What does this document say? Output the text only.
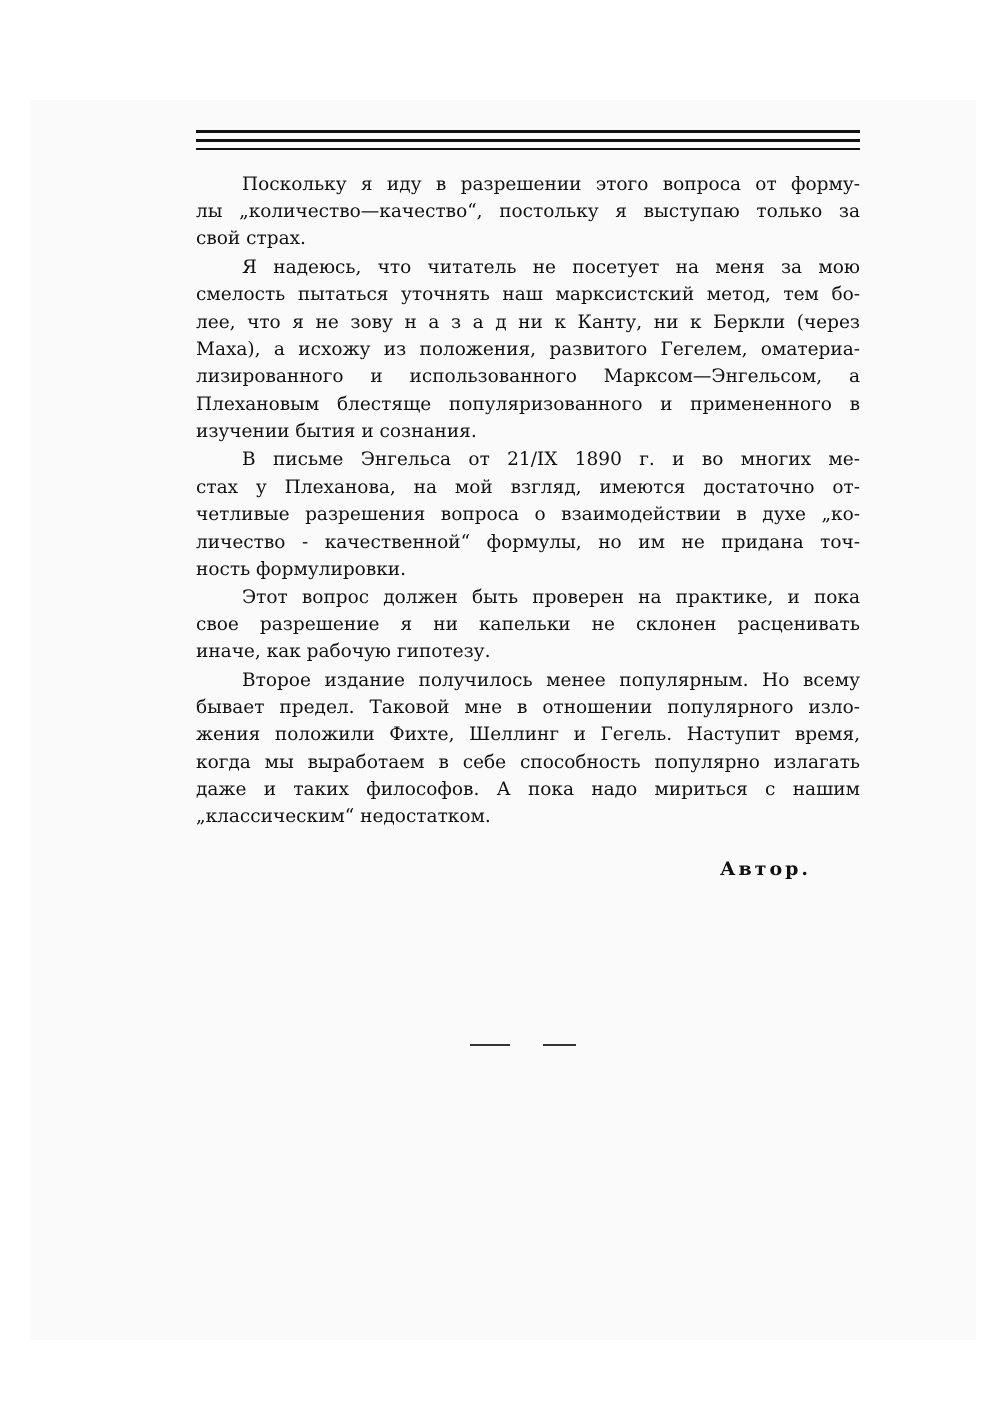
Поскольку я иду в разрешении этого вопроса от форму-
лы „количество—качество“, постольку я выступаю только за
свой страх.
Я надеюсь, что читатель не посетует на меня за мою
смелость пытаться уточнять наш марксистский метод, тем бо-
лее, что я не зову н а з а д ни к Канту, ни к Беркли (через
Маха), а исхожу из положения, развитого Гегелем, оматериа-
лизированного и использованного Марксом—Энгельсом, а
Плехановым блестяще популяризованного и примененного в
изучении бытия и сознания.
В письме Энгельса от 21/IX 1890 г. и во многих ме-
стах у Плеханова, на мой взгляд, имеются достаточно от-
четливые разрешения вопроса о взаимодействии в духе „ко-
личество - качественной“ формулы, но им не придана точ-
ность формулировки.
Этот вопрос должен быть проверен на практике, и пока
свое разрешение я ни капельки не склонен расценивать
иначе, как рабочую гипотезу.
Второе издание получилось менее популярным. Но всему
бывает предел. Таковой мне в отношении популярного изло-
жения положили Фихте, Шеллинг и Гегель. Наступит время,
когда мы выработаем в себе способность популярно излагать
даже и таких философов. А пока надо мириться с нашим
„классическим“ недостатком.
Автор.
